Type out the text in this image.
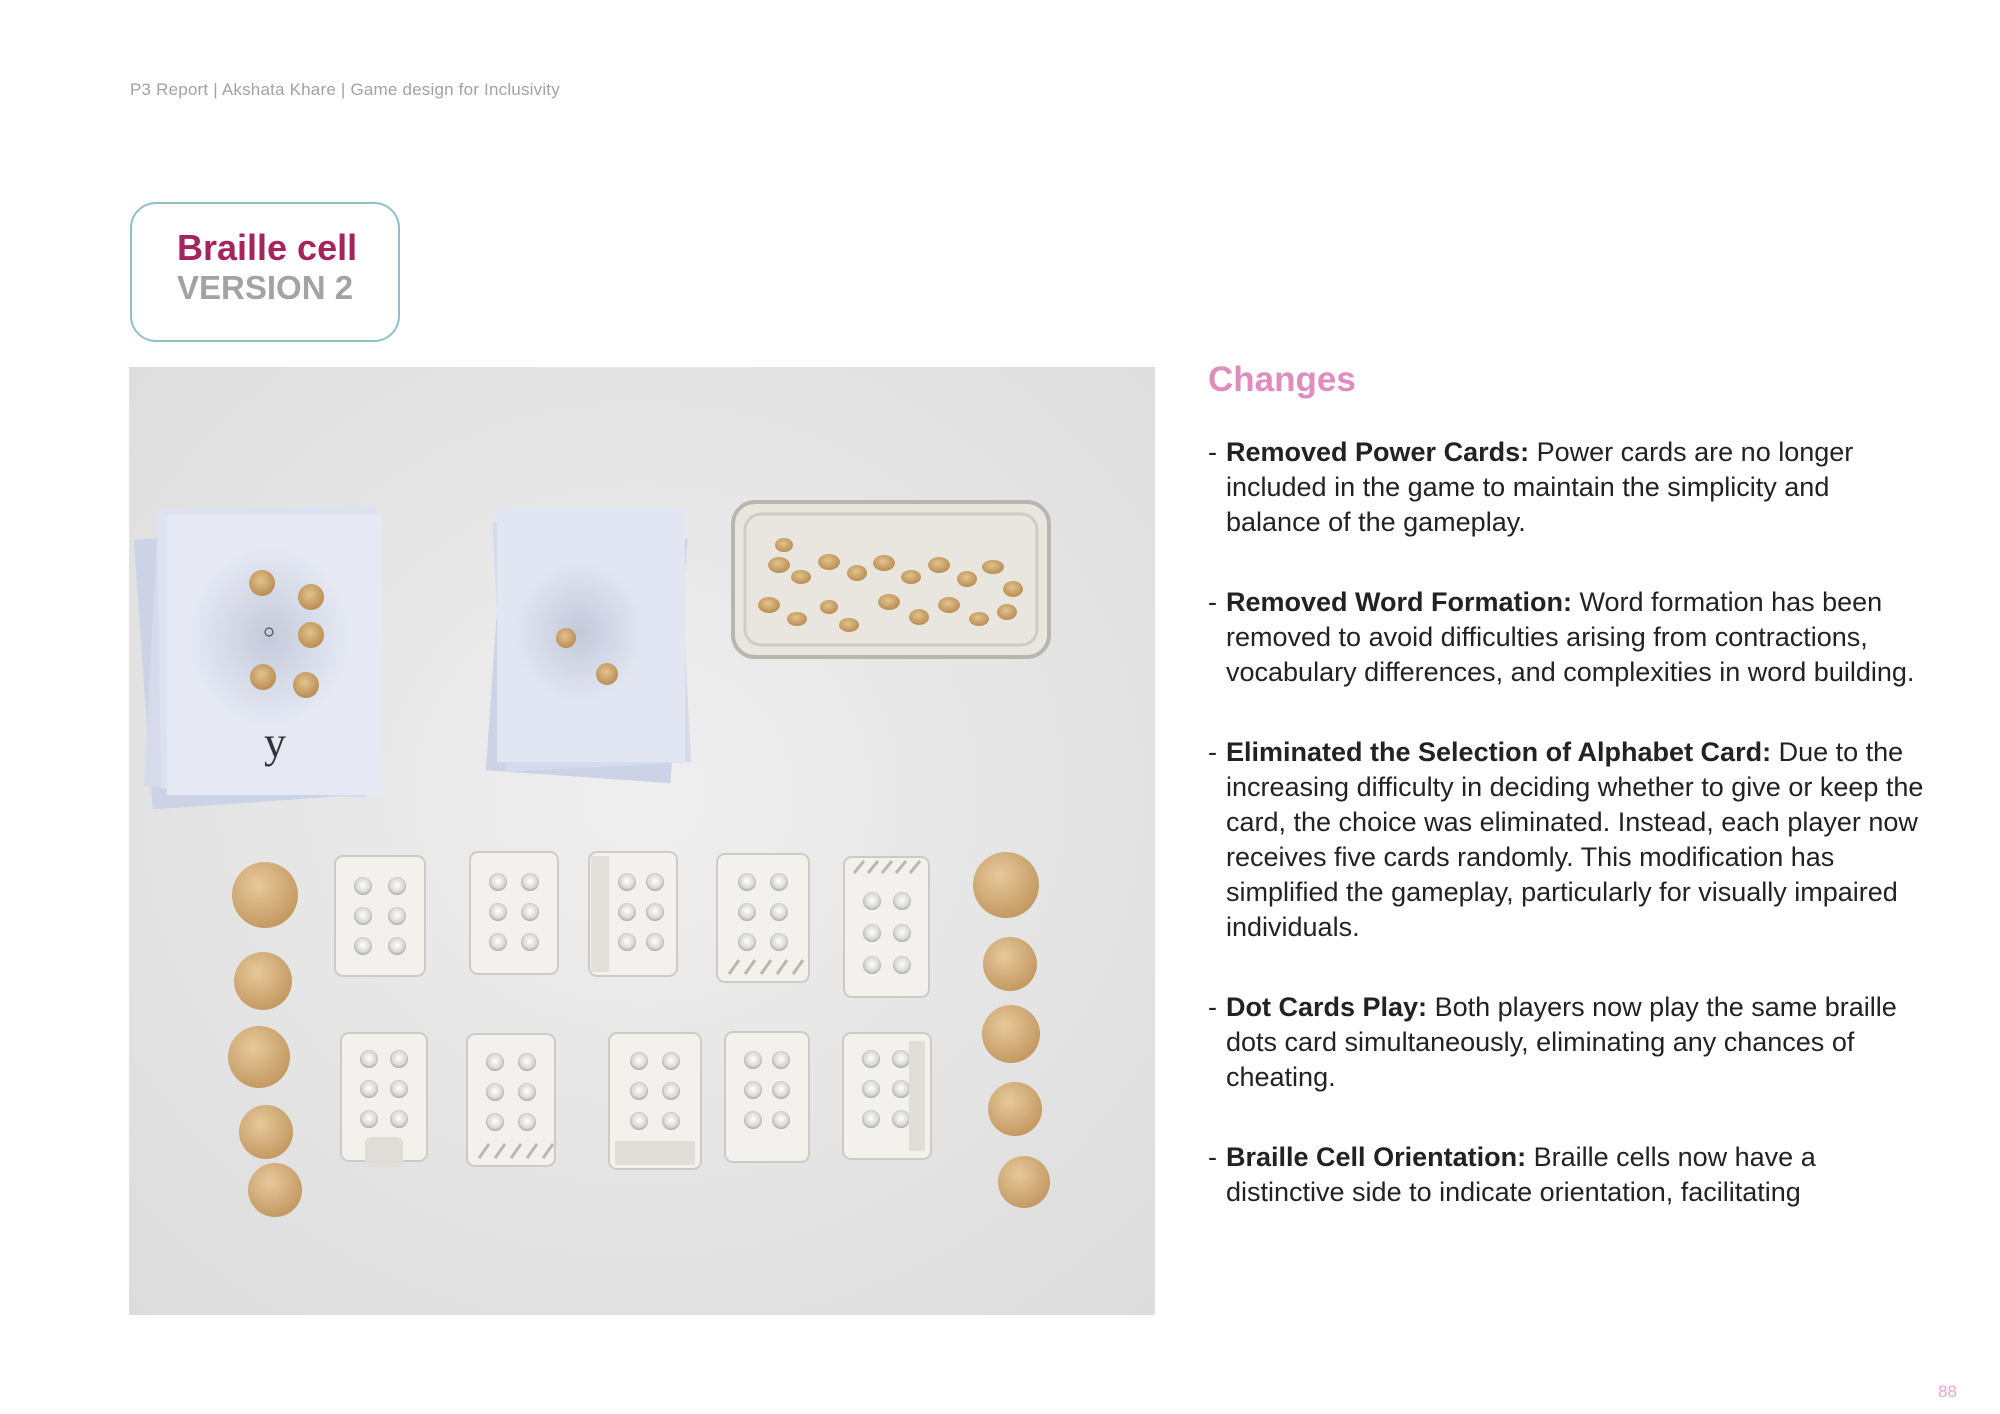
P3 Report | Akshata Khare | Game design for Inclusivity
Braille cell
VERSION 2
y
Changes
- Removed Power Cards: Power cards are no longer included in the game to maintain the simplicity and balance of the gameplay.
- Removed Word Formation: Word formation has been removed to avoid difficulties arising from contractions, vocabulary differences, and complexities in word building.
- Eliminated the Selection of Alphabet Card: Due to the increasing difficulty in deciding whether to give or keep the card, the choice was eliminated. Instead, each player now receives five cards randomly. This modification has simplified the gameplay, particularly for visually impaired individuals.
- Dot Cards Play: Both players now play the same braille dots card simultaneously, eliminating any chances of cheating.
- Braille Cell Orientation: Braille cells now have a distinctive side to indicate orientation, facilitating
88
